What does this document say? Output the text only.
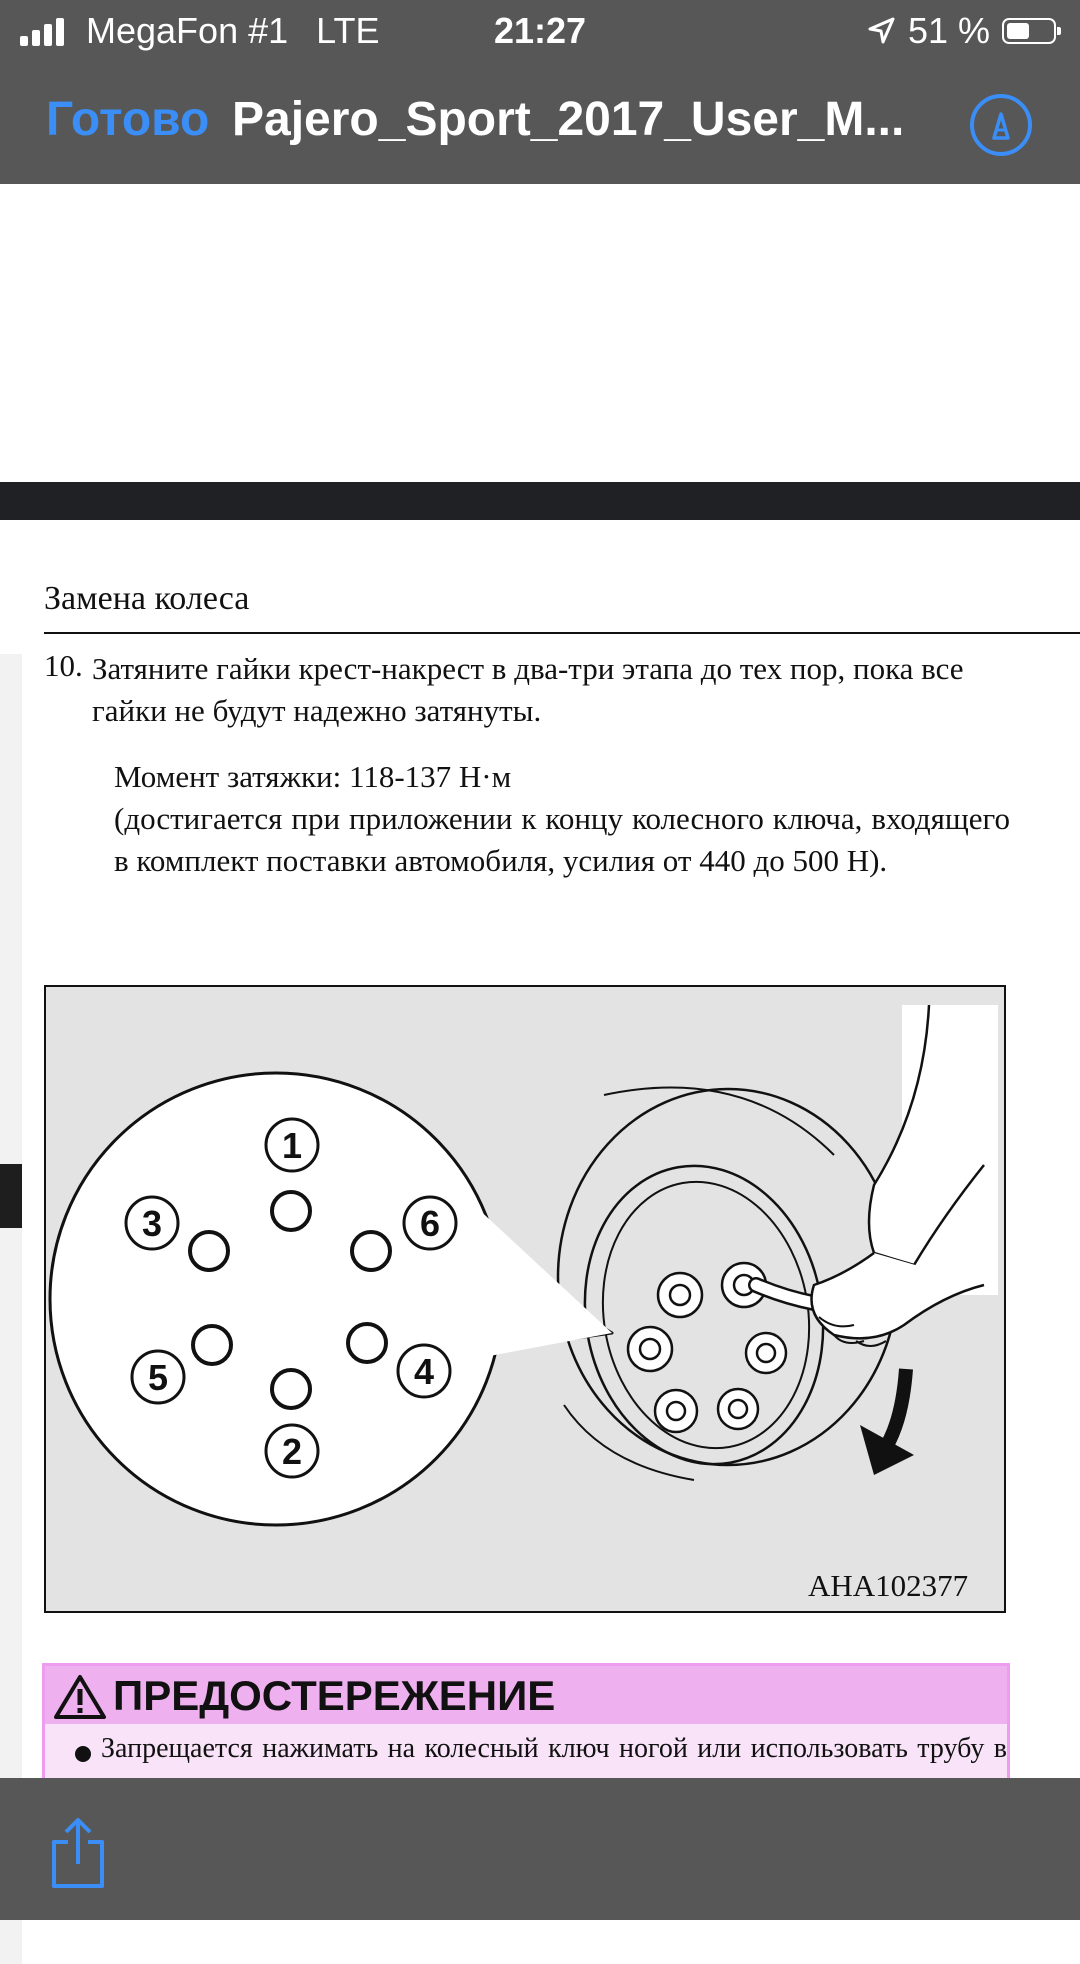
MegaFon #1 LTE	21:27	51 %
Готово Pajero_Sport_2017_User_M...
Замена колеса
10. Затяните гайки крест-накрест в два-три этапа до тех пор, пока все гайки не будут надежно затянуты.
Момент затяжки: 118-137 Н·м
(достигается при приложении к концу колесного ключа, входящего в комплект поставки автомобиля, усилия от 440 до 500 Н).
1
2
3
4
5
6
AHA102377
ПРЕДОСТЕРЕЖЕНИЕ
Запрещается нажимать на колесный ключ ногой или использовать трубу в
